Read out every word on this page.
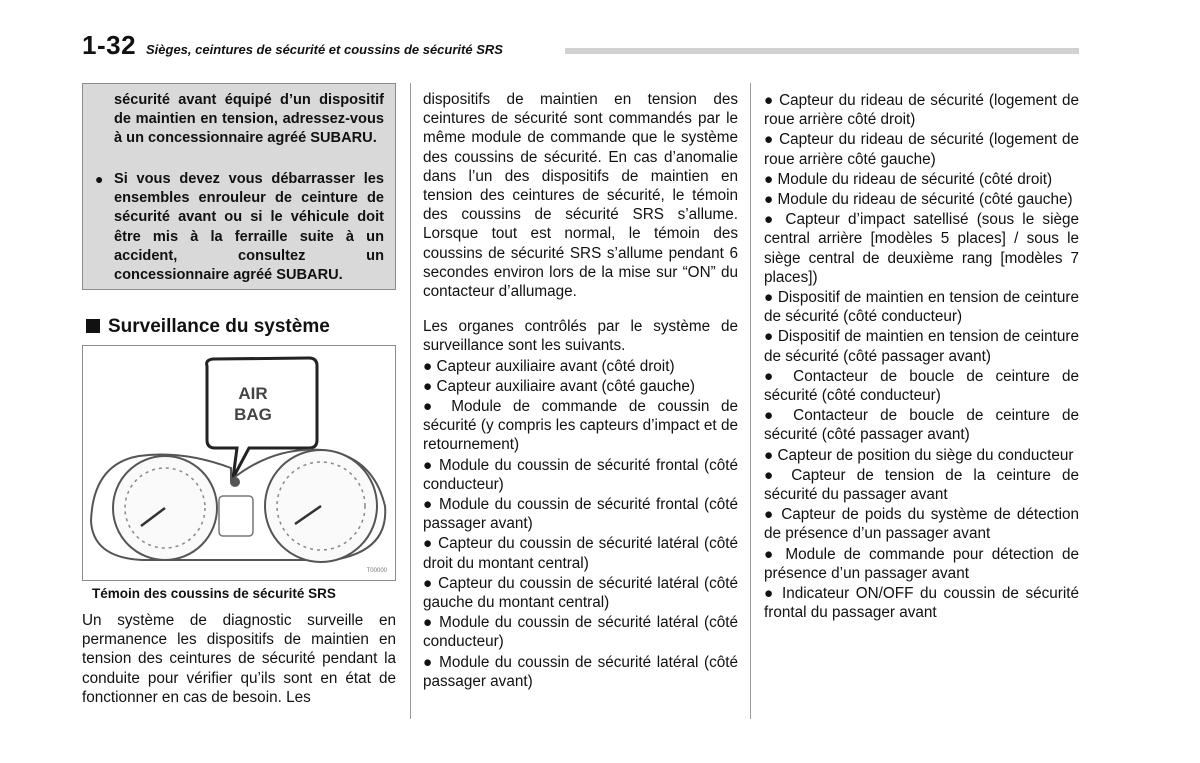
1-32 Sièges, ceintures de sécurité et coussins de sécurité SRS
sécurité avant équipé d’un dispositif de maintien en tension, adressez-vous à un concessionnaire agréé SUBARU.
● Si vous devez vous débarrasser les ensembles enrouleur de ceinture de sécurité avant ou si le véhicule doit être mis à la ferraille suite à un accident, consultez un concessionnaire agréé SUBARU.
Surveillance du système
AIR
BAG
T00000
Témoin des coussins de sécurité SRS
Un système de diagnostic surveille en permanence les dispositifs de maintien en tension des ceintures de sécurité pendant la conduite pour vérifier qu’ils sont en état de fonctionner en cas de besoin. Les

dispositifs de maintien en tension des ceintures de sécurité sont commandés par le même module de commande que le système des coussins de sécurité. En cas d’anomalie dans l’un des dispositifs de maintien en tension des ceintures de sécurité, le témoin des coussins de sécurité SRS s’allume. Lorsque tout est normal, le témoin des coussins de sécurité SRS s’allume pendant 6 secondes environ lors de la mise sur “ON” du contacteur d’allumage.

Les organes contrôlés par le système de surveillance sont les suivants.

● Capteur auxiliaire avant (côté droit)
● Capteur auxiliaire avant (côté gauche)
● Module de commande de coussin de sécurité (y compris les capteurs d’impact et de retournement)
● Module du coussin de sécurité frontal (côté conducteur)
● Module du coussin de sécurité frontal (côté passager avant)
● Capteur du coussin de sécurité latéral (côté droit du montant central)
● Capteur du coussin de sécurité latéral (côté gauche du montant central)
● Module du coussin de sécurité latéral (côté conducteur)
● Module du coussin de sécurité latéral (côté passager avant)
● Capteur du rideau de sécurité (logement de roue arrière côté droit)
● Capteur du rideau de sécurité (logement de roue arrière côté gauche)
● Module du rideau de sécurité (côté droit)
● Module du rideau de sécurité (côté gauche)
● Capteur d’impact satellisé (sous le siège central arrière [modèles 5 places] / sous le siège central de deuxième rang [modèles 7 places])
● Dispositif de maintien en tension de ceinture de sécurité (côté conducteur)
● Dispositif de maintien en tension de ceinture de sécurité (côté passager avant)
● Contacteur de boucle de ceinture de sécurité (côté conducteur)
● Contacteur de boucle de ceinture de sécurité (côté passager avant)
● Capteur de position du siège du conducteur
● Capteur de tension de la ceinture de sécurité du passager avant
● Capteur de poids du système de détection de présence d’un passager avant
● Module de commande pour détection de présence d’un passager avant
● Indicateur ON/OFF du coussin de sécurité frontal du passager avant
